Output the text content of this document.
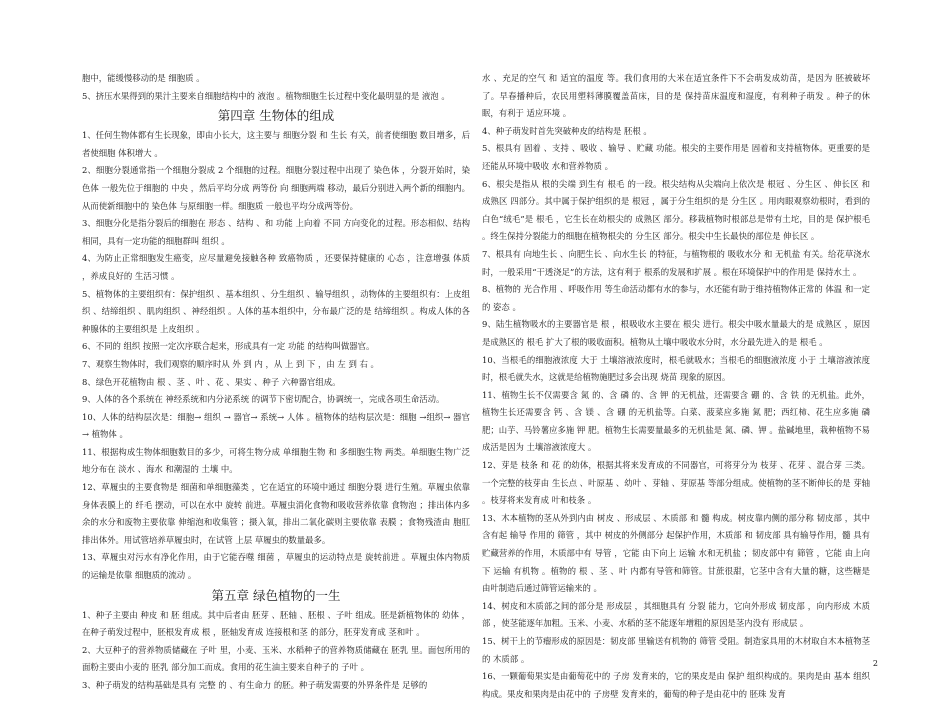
胞中，能缓慢移动的是 细胞质 。

5、挤压水果得到的果汁主要来自细胞结构中的 液泡 。植物细胞生长过程中变化最明显的是 液泡 。

第四章 生物体的组成

1、任何生物体都有生长现象，即由小长大，这主要与 细胞分裂 和 生长 有关，前者使细胞 数目增多，后者使细胞 体积增大 。

2、细胞分裂通常指一个细胞分裂成 2 个细胞的过程。细胞分裂过程中出现了 染色体 ，分裂开始时，染色体 一般先位于细胞的 中央 ，然后平均分成 两等份 向 细胞两端 移动，最后分别进入两个新的细胞内。从而使新细胞中的 染色体 与原细胞一样。细胞质 一般也平均分成两等份。

3、细胞分化是指分裂后的细胞在 形态 、结构 、和 功能 上向着 不同 方向变化的过程。形态相似、结构相同，具有一定功能的细胞群叫 组织 。

4、为防止正常细胞发生癌变，应尽量避免接触各种 致癌物质 ，还要保持健康的 心态 ，注意增强 体质 ，养成良好的 生活习惯 。

5、植物体的主要组织有：保护组织 、基本组织 、分生组织 、输导组织 ，动物体的主要组织有：上皮组织 、结缔组织 、肌肉组织 、神经组织 。人体的基本组织中，分布最广泛的是 结缔组织 。构成人体的各种腺体的主要组织是 上皮组织 。

6、不同的 组织 按照一定次序联合起来，形成具有一定 功能 的结构叫做器官。

7、观察生物体时，我们观察的顺序时从 外 到 内 ，从 上 到 下 ，由 左 到 右 。

8、绿色开花植物由 根 、茎 、叶 、花 、果实 、种子 六种器官组成。

9、人体的各个系统在 神经系统和内分泌系统 的调节下密切配合，协调统一，完成各项生命活动。

10、人体的结构层次是：细胞→ 组织 → 器官→ 系统→ 人体 。植物体的结构层次是：细胞 →组织→ 器官→ 植物体 。

11、根据构成生物体细胞数目的多少，可将生物分成 单细胞生物 和 多细胞生物 两类。单细胞生物广泛地分布在 淡水 、海水 和潮湿的 土壤 中。

12、草履虫的主要食物是 细菌和单细胞藻类 ，它在适宜的环境中通过 细胞分裂 进行生殖。草履虫依靠身体表膜上的 纤毛 摆动，可以在水中 旋转 前进。草履虫消化食物和吸收营养依靠 食物泡 ；排出体内多余的水分和废物主要依靠 伸缩泡和收集管 ；摄入氧，排出二氧化碳则主要依靠 表膜 ；食物残渣由 胞肛 排出体外。用试管培养草履虫时，在试管 上层 草履虫的数量最多。

13、草履虫对污水有净化作用，由于它能吞噬 细菌 ，草履虫的运动特点是 旋转前进 。草履虫体内物质的运输是依靠 细胞质的流动 。

第五章 绿色植物的一生

1、种子主要由 种皮 和 胚 组成。其中后者由 胚芽 、胚轴 、胚根 、子叶 组成。胚是新植物体的 幼体 ，在种子萌发过程中，胚根发育成 根 ，胚轴发育成 连接根和茎 的部分，胚芽发育成 茎和叶 。

2、大豆种子的营养物质储藏在 子叶 里，小麦、玉米、水稻种子的营养物质储藏在 胚乳 里。面包所用的面粉主要由小麦的 胚乳 部分加工而成。食用的花生油主要来自种子的 子叶 。

3、种子萌发的结构基础是具有 完整 的 、有生命力 的胚。种子萌发需要的外界条件是 足够的

水 、充足的空气 和 适宜的温度 等。我们食用的大米在适宜条件下不会萌发成幼苗，是因为 胚被破坏 了。早春播种后，农民用塑料薄膜覆盖苗床，目的是 保持苗床温度和湿度，有利种子萌发 。种子的休眠，有利于 适应环境 。

4、种子萌发时首先突破种皮的结构是 胚根 。

5、根具有 固着 、支持 、吸收 、输导 、贮藏 功能。根尖的主要作用是 固着和支持植物体。更重要的是还能从环境中吸收 水和营养物质 。

6、根尖是指从 根的尖端 到生有 根毛 的一段。根尖结构从尖端向上依次是 根冠 、分生区 、伸长区 和 成熟区 四部分。其中属于保护组织的是 根冠 ，属于分生组织的是 分生区 。用肉眼观察幼根时，看到的白色“绒毛”是 根毛 ，它生长在幼根尖的 成熟区 部分。移栽植物时根部总是带有土坨，目的是 保护根毛 。终生保持分裂能力的细胞在植物根尖的 分生区 部分。根尖中生长最快的部位是 伸长区 。

7、根具有 向地生长 、向肥生长 、向水生长 的特征，与植物根的 吸收水分 和 无机盐 有关。给花草浇水时，一般采用“干透浇足”的方法，这有利于 根系的发展和扩展 。根在环境保护中的作用是 保持水土 。

8、植物的 光合作用 、呼吸作用 等生命活动都有水的参与，水还能有助于维持植物体正常的 体温 和一定的 姿态 。

9、陆生植物吸水的主要器官是 根 ，根吸收水主要在 根尖 进行。根尖中吸水量最大的是 成熟区 ，原因是成熟区的 根毛 扩大了根的吸收面积。植物从土壤中吸收水分时，水分最先进入的是 根毛 。

10、当根毛的细胞液浓度 大于 土壤溶液浓度时，根毛就吸水；当根毛的细胞液浓度 小于 土壤溶液浓度时，根毛就失水，这就是给植物施肥过多会出现 烧苗 现象的原因。

11、植物生长不仅需要含 氮 的、含 磷 的、含 钾 的无机盐，还需要含 硼 的、含 铁 的无机盐。此外，植物生长还需要含 钙 、含 镁 、含 硼 的无机盐等。白菜、菠菜应多施 氮 肥；西红柿、花生应多施 磷 肥；山芋、马铃薯应多施 钾 肥。植物生长需要量最多的无机盐是 氮、磷、钾 。盐碱地里，栽种植物不易成活是因为 土壤溶液浓度大 。

12、芽是 枝条 和 花 的幼体，根据其将来发育成的不同器官，可将芽分为 枝芽 、花芽 、混合芽 三类。一个完整的枝芽由 生长点 、叶原基 、幼叶 、芽轴 、芽原基 等部分组成。使植物的茎不断伸长的是 芽轴 。枝芽将来发育成 叶和枝条 。

13、木本植物的茎从外到内由 树皮 、形成层 、木质部 和 髓 构成。树皮靠内侧的部分称 韧皮部 ，其中含有起 输导 作用的 筛管 ，其中 树皮的外侧部分 起保护作用，木质部 和 韧皮部 具有输导作用，髓 具有贮藏营养的作用，木质部中有 导管 ，它能 由下向上 运输 水和无机盐 ；韧皮部中有 筛管 ，它能 由上向下 运输 有机物 。植物的 根 、茎 、叶 内都有导管和筛管。甘蔗很甜，它茎中含有大量的糖，这些糖是 由叶制造后通过筛管运输来的 。

14、树皮和木质部之间的部分是 形成层 ，其细胞具有 分裂 能力，它向外形成 韧皮部 ，向内形成 木质部 ，使茎能逐年加粗。玉米、小麦、水稻的茎不能逐年增粗的原因是茎内没有 形成层 。

15、树干上的节瘤形成的原因是：韧皮部 里输送有机物的 筛管 受阻。制造家具用的木材取自木本植物茎的 木质部 。

16、一颗葡萄果实是由葡萄花中的 子房 发育来的，它的果皮是由 保护 组织构成的。果肉是由 基本 组织构成。果皮和果肉是由花中的 子房壁 发育来的，葡萄的种子是由花中的 胚珠 发育

2
